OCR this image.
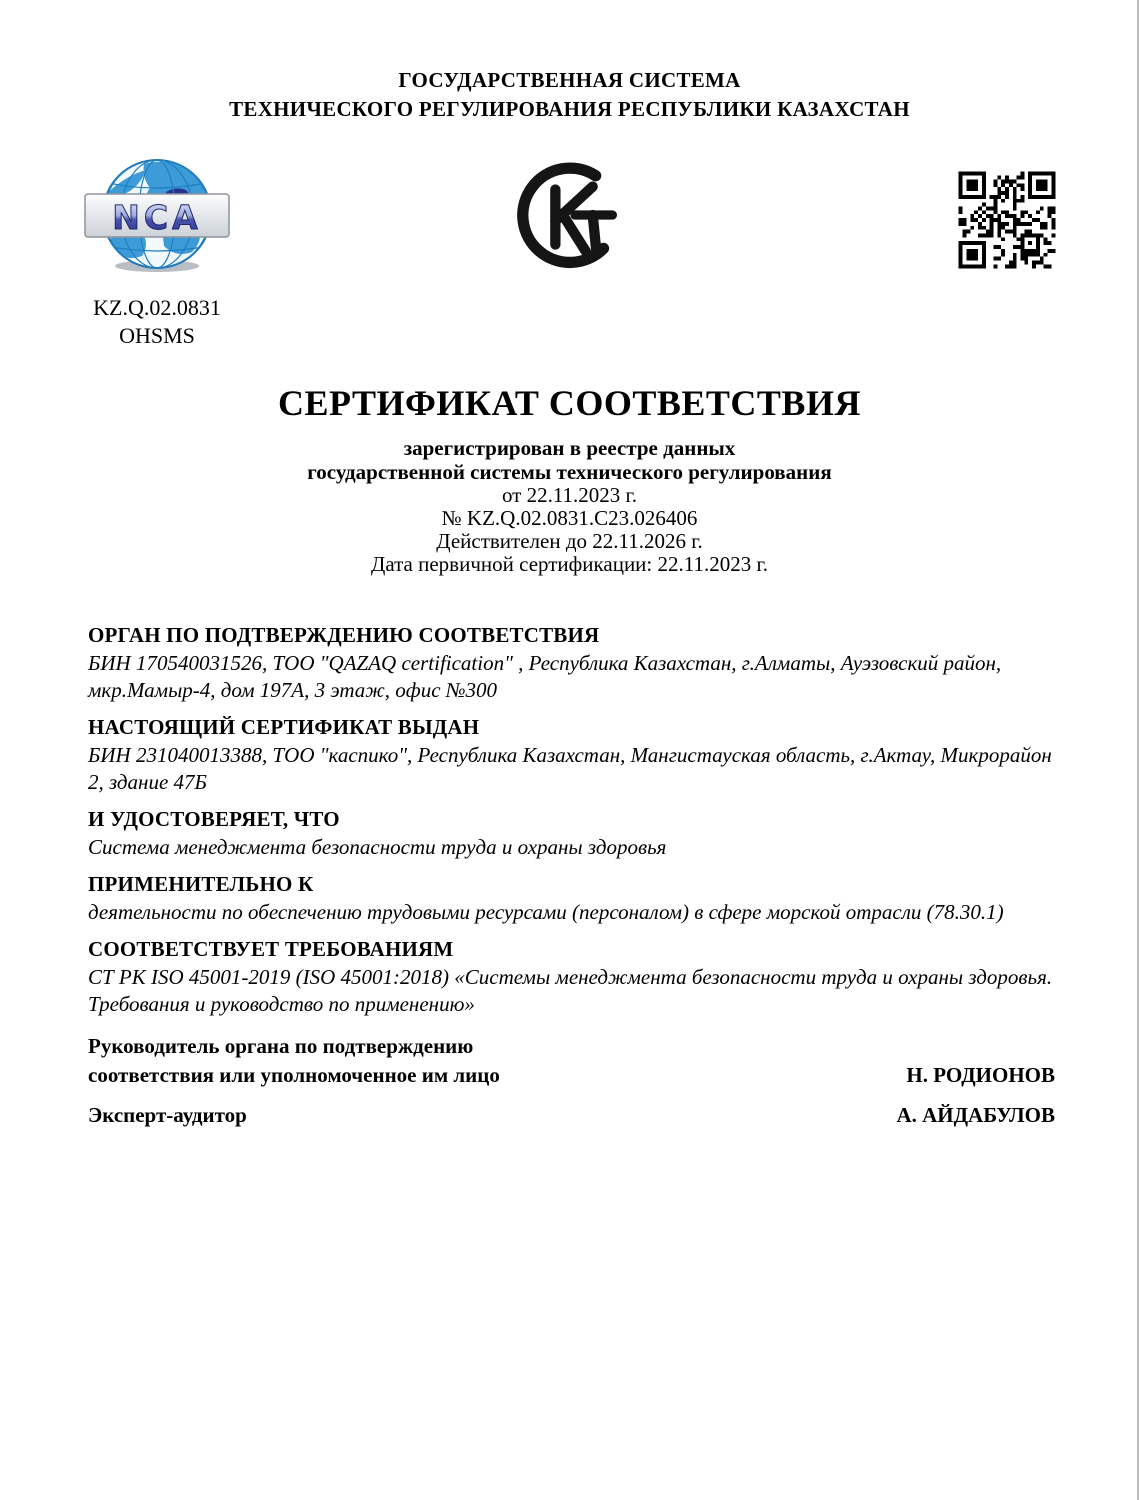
ГОСУДАРСТВЕННАЯ СИСТЕМА
ТЕХНИЧЕСКОГО РЕГУЛИРОВАНИЯ РЕСПУБЛИКИ КАЗАХСТАН
NCA
KZ.Q.02.0831
OHSMS
СЕРТИФИКАТ СООТВЕТСТВИЯ
зарегистрирован в реестре данных
государственной системы технического регулирования
от 22.11.2023 г.
№ KZ.Q.02.0831.C23.026406
Действителен до 22.11.2026 г.
Дата первичной сертификации: 22.11.2023 г.
ОРГАН ПО ПОДТВЕРЖДЕНИЮ СООТВЕТСТВИЯ

БИН 170540031526, ТОО "QAZAQ certification" , Республика Казахстан, г.Алматы, Ауэзовский район, мкр.Мамыр-4, дом 197А, 3 этаж, офис №300

НАСТОЯЩИЙ СЕРТИФИКАТ ВЫДАН

БИН 231040013388, ТОО "каспико", Республика Казахстан, Мангистауская область, г.Актау, Микрорайон 2, здание 47Б

И УДОСТОВЕРЯЕТ, ЧТО

Система менеджмента безопасности труда и охраны здоровья

ПРИМЕНИТЕЛЬНО К

деятельности по обеспечению трудовыми ресурсами (персоналом) в сфере морской отрасли (78.30.1)

СООТВЕТСТВУЕТ ТРЕБОВАНИЯМ

СТ РК ISO 45001-2019 (ISO 45001:2018) «Системы менеджмента безопасности труда и охраны здоровья. Требования и руководство по применению»

Руководитель органа по подтверждению
соответствия или уполномоченное им лицо	Н. РОДИОНОВ
Эксперт-аудитор	А. АЙДАБУЛОВ
